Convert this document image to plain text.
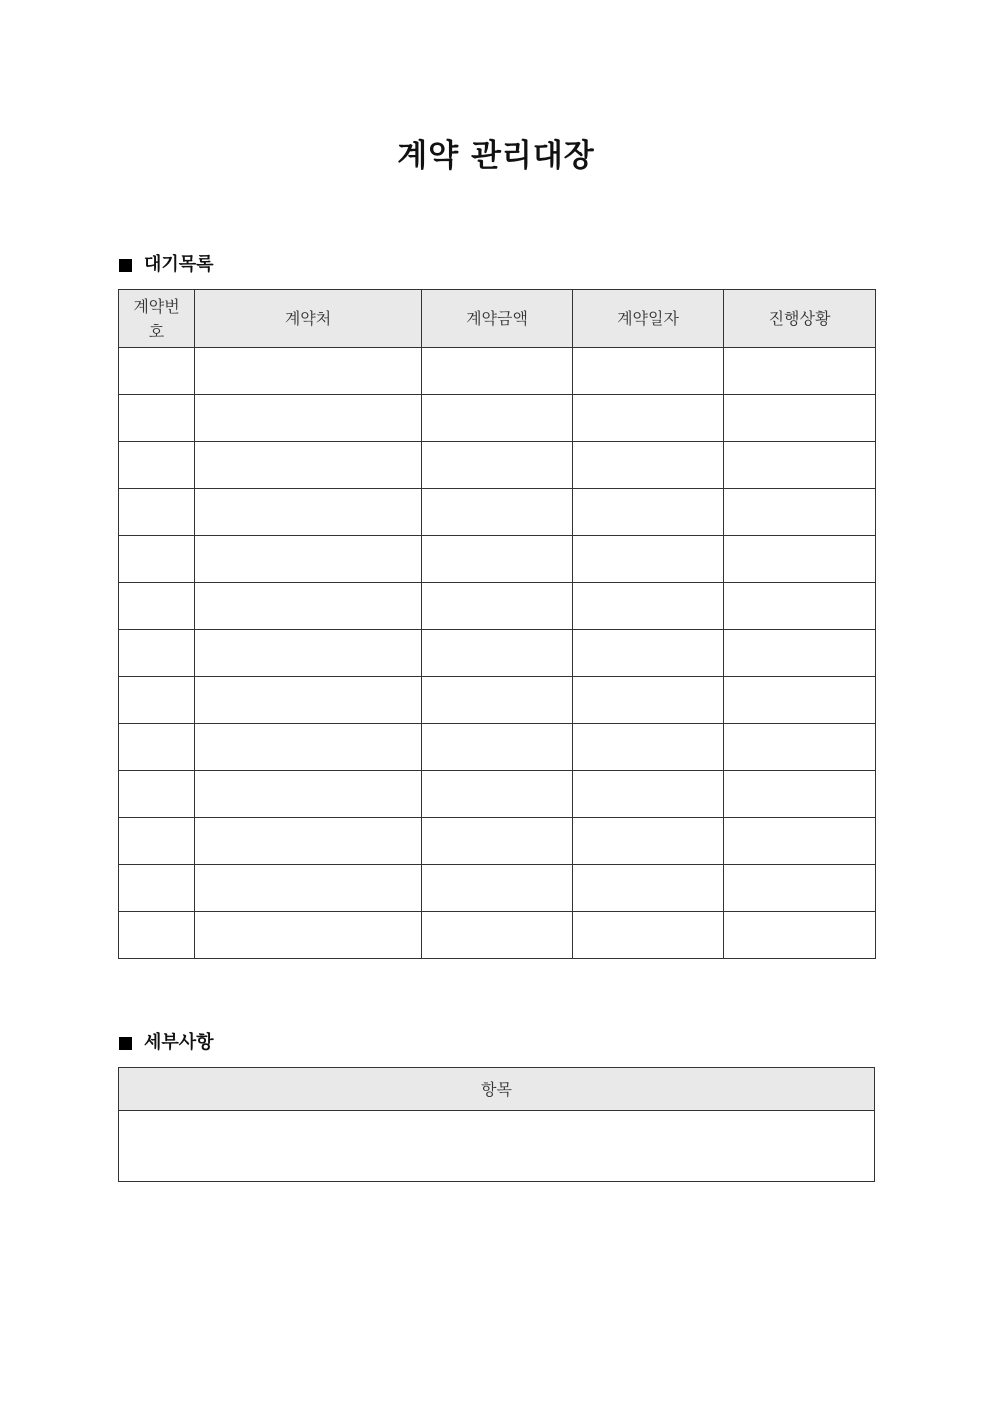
계약 관리대장
대기목록
계약번호	계약처	계약금액	계약일자	진행상황

세부사항
항목
